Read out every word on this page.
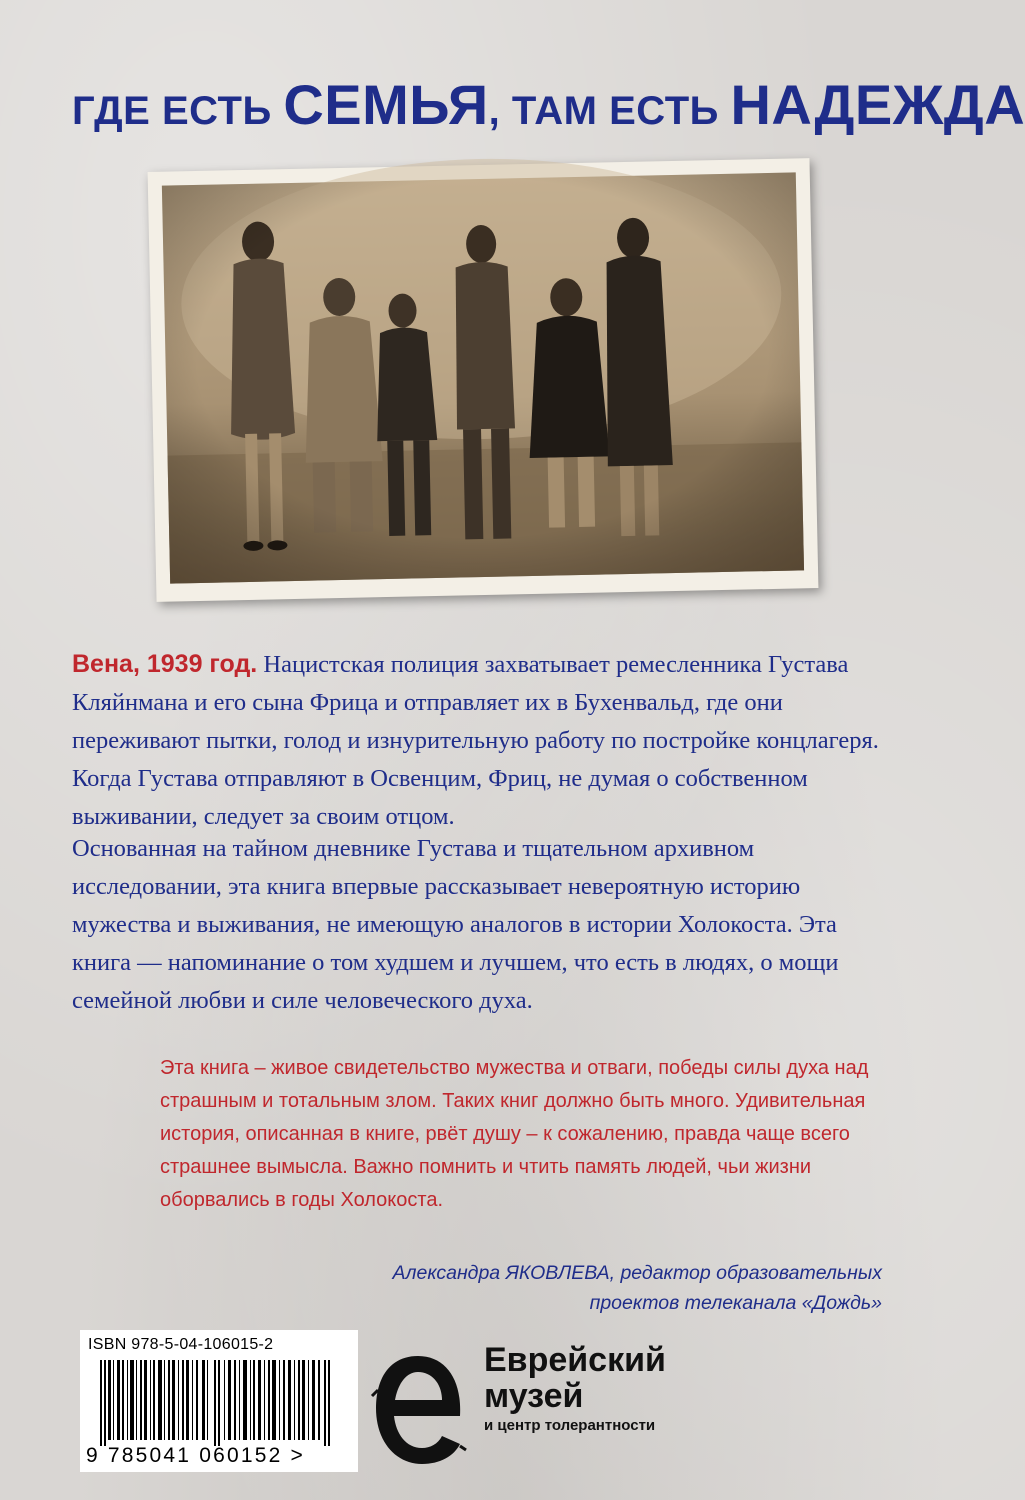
ГДЕ ЕСТЬ СЕМЬЯ, ТАМ ЕСТЬ НАДЕЖДА
Вена, 1939 год. Нацистская полиция захватывает ремесленника Густава Кляйнмана и его сына Фрица и отправляет их в Бухенвальд, где они переживают пытки, голод и изнурительную работу по постройке концлагеря. Когда Густава отправляют в Освенцим, Фриц, не думая о собственном выживании, следует за своим отцом.
Основанная на тайном дневнике Густава и тщательном архивном исследовании, эта книга впервые рассказывает невероятную историю мужества и выживания, не имеющую аналогов в истории Холокоста. Эта книга — напоминание о том худшем и лучшем, что есть в людях, о мощи семейной любви и силе человеческого духа.
Эта книга – живое свидетельство мужества и отваги, победы силы духа над страшным и тотальным злом. Таких книг должно быть много. Удивительная история, описанная в книге, рвёт душу – к сожалению, правда чаще всего страшнее вымысла. Важно помнить и чтить память людей, чьи жизни оборвались в годы Холокоста.
Александра ЯКОВЛЕВА, редактор образовательных
проектов телеканала «Дождь»
ISBN 978-5-04-106015-2
9 785041 060152 >
Еврейский
музей
и центр толерантности
